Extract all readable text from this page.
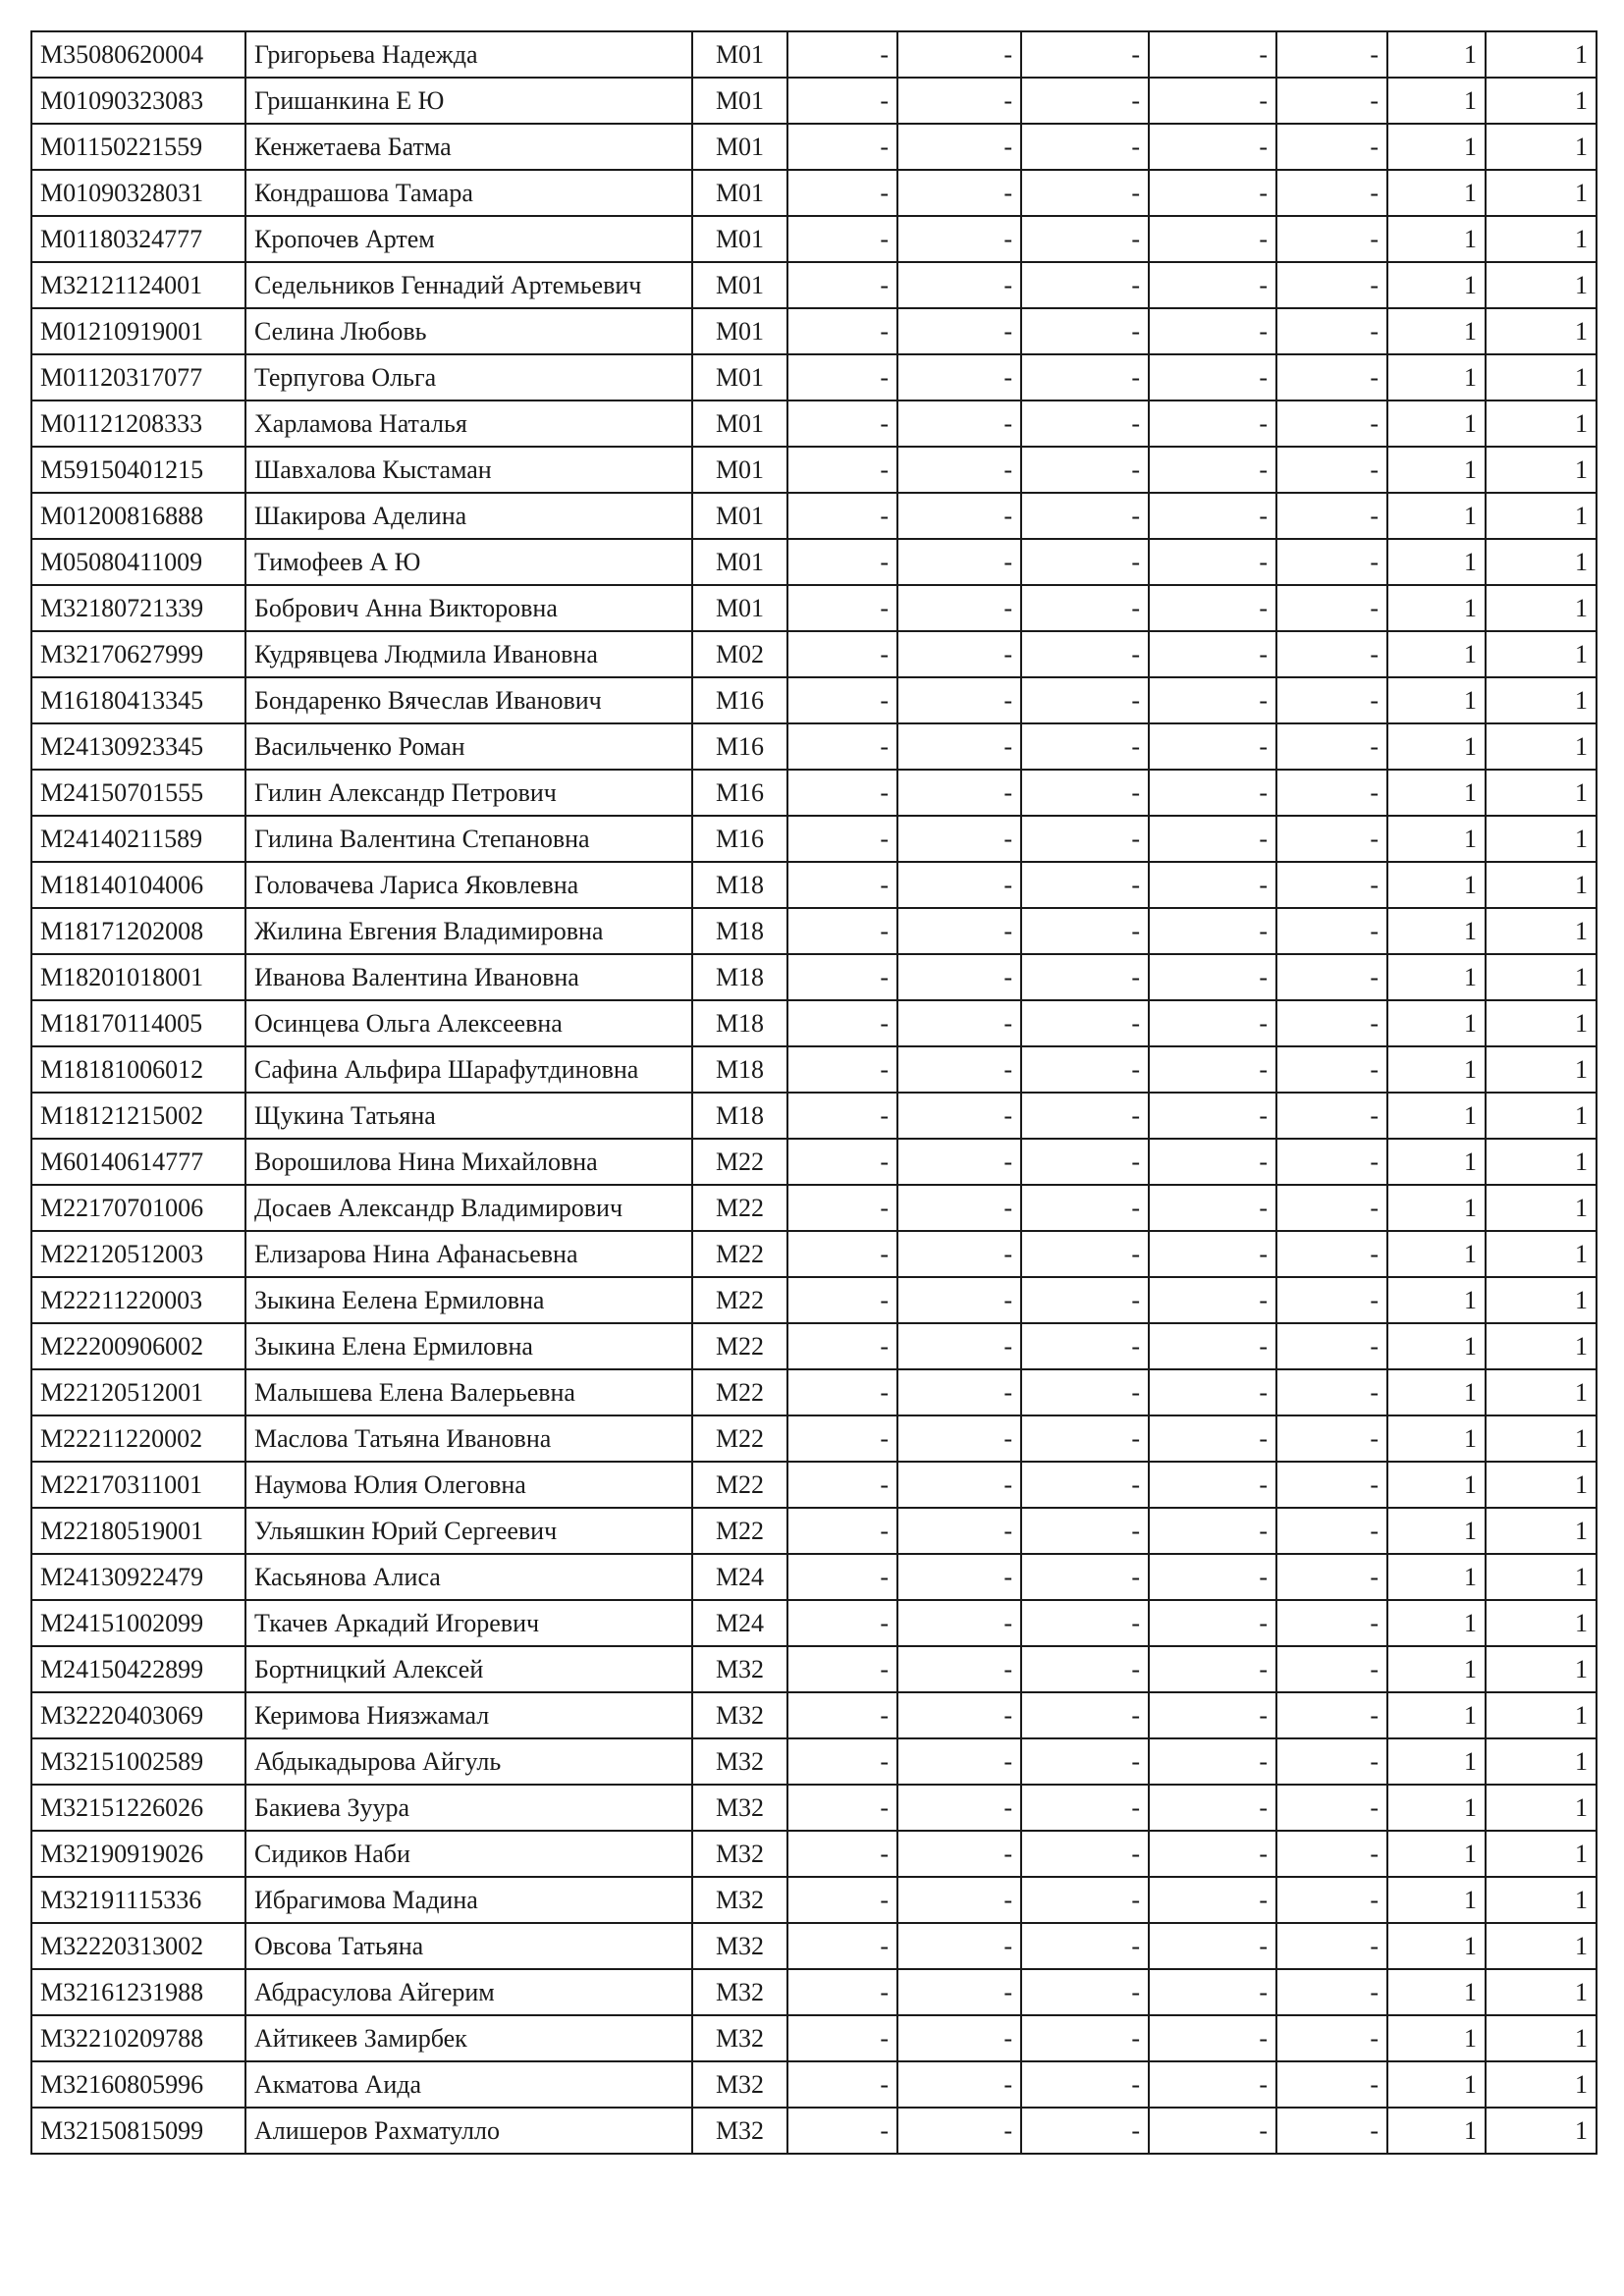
M35080620004	Григорьева Надежда	M01	-	-	-	-	-	1	1
M01090323083	Гришанкина Е Ю	M01	-	-	-	-	-	1	1
M01150221559	Кенжетаева Батма	M01	-	-	-	-	-	1	1
M01090328031	Кондрашова Тамара	M01	-	-	-	-	-	1	1
M01180324777	Кропочев Артем	M01	-	-	-	-	-	1	1
M32121124001	Седельников Геннадий Артемьевич	M01	-	-	-	-	-	1	1
M01210919001	Селина Любовь	M01	-	-	-	-	-	1	1
M01120317077	Терпугова Ольга	M01	-	-	-	-	-	1	1
M01121208333	Харламова Наталья	M01	-	-	-	-	-	1	1
M59150401215	Шавхалова Кыстаман	M01	-	-	-	-	-	1	1
M01200816888	Шакирова Аделина	M01	-	-	-	-	-	1	1
M05080411009	Тимофеев А Ю	M01	-	-	-	-	-	1	1
M32180721339	Бобрович Анна Викторовна	M01	-	-	-	-	-	1	1
M32170627999	Кудрявцева Людмила Ивановна	M02	-	-	-	-	-	1	1
M16180413345	Бондаренко Вячеслав Иванович	M16	-	-	-	-	-	1	1
M24130923345	Васильченко Роман	M16	-	-	-	-	-	1	1
M24150701555	Гилин Александр Петрович	M16	-	-	-	-	-	1	1
M24140211589	Гилина Валентина Степановна	M16	-	-	-	-	-	1	1
M18140104006	Головачева Лариса Яковлевна	M18	-	-	-	-	-	1	1
M18171202008	Жилина Евгения Владимировна	M18	-	-	-	-	-	1	1
M18201018001	Иванова Валентина Ивановна	M18	-	-	-	-	-	1	1
M18170114005	Осинцева Ольга Алексеевна	M18	-	-	-	-	-	1	1
M18181006012	Сафина Альфира Шарафутдиновна	M18	-	-	-	-	-	1	1
M18121215002	Щукина Татьяна	M18	-	-	-	-	-	1	1
M60140614777	Ворошилова Нина Михайловна	M22	-	-	-	-	-	1	1
M22170701006	Досаев Александр Владимирович	M22	-	-	-	-	-	1	1
M22120512003	Елизарова Нина Афанасьевна	M22	-	-	-	-	-	1	1
M22211220003	Зыкина Еелена Ермиловна	M22	-	-	-	-	-	1	1
M22200906002	Зыкина Елена Ермиловна	M22	-	-	-	-	-	1	1
M22120512001	Малышева Елена Валерьевна	M22	-	-	-	-	-	1	1
M22211220002	Маслова Татьяна Ивановна	M22	-	-	-	-	-	1	1
M22170311001	Наумова Юлия Олеговна	M22	-	-	-	-	-	1	1
M22180519001	Ульяшкин Юрий Сергеевич	M22	-	-	-	-	-	1	1
M24130922479	Касьянова Алиса	M24	-	-	-	-	-	1	1
M24151002099	Ткачев Аркадий Игоревич	M24	-	-	-	-	-	1	1
M24150422899	Бортницкий Алексей	M32	-	-	-	-	-	1	1
M32220403069	Керимова Ниязжамал	M32	-	-	-	-	-	1	1
M32151002589	Абдыкадырова Айгуль	M32	-	-	-	-	-	1	1
M32151226026	Бакиева Зуура	M32	-	-	-	-	-	1	1
M32190919026	Сидиков Наби	M32	-	-	-	-	-	1	1
M32191115336	Ибрагимова Мадина	M32	-	-	-	-	-	1	1
M32220313002	Овсова Татьяна	M32	-	-	-	-	-	1	1
M32161231988	Абдрасулова Айгерим	M32	-	-	-	-	-	1	1
M32210209788	Айтикеев Замирбек	M32	-	-	-	-	-	1	1
M32160805996	Акматова Аида	M32	-	-	-	-	-	1	1
M32150815099	Алишеров Рахматулло	M32	-	-	-	-	-	1	1
